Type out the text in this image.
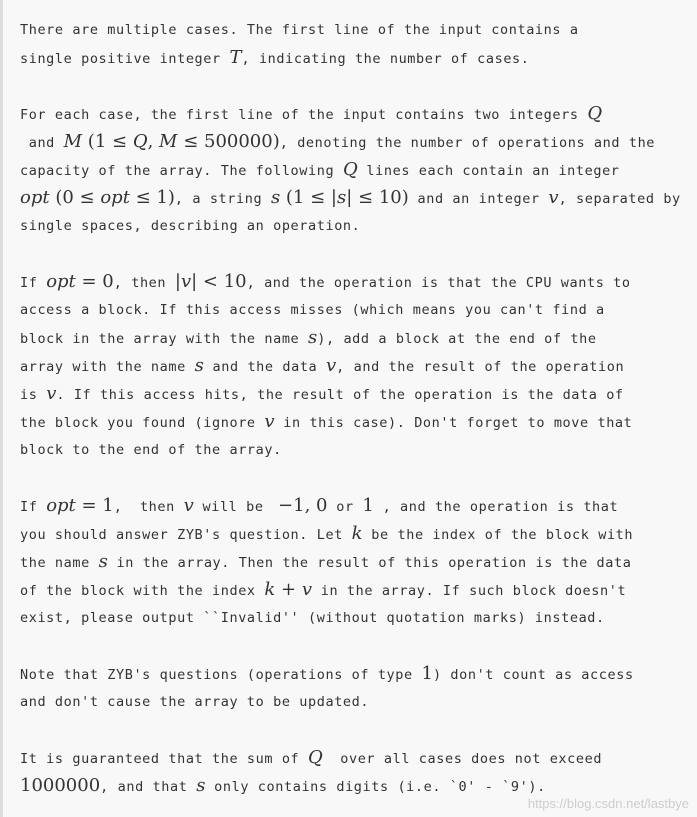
There are multiple cases. The first line of the input contains a
single positive integer T, indicating the number of cases.
For each case, the first line of the input contains two integers Q
and M (1 ≤ Q, M ≤ 500000), denoting the number of operations and the
capacity of the array. The following Q lines each contain an integer
opt (0 ≤ opt ≤ 1), a string s (1 ≤ |s| ≤ 10) and an integer v, separated by
single spaces, describing an operation.
If opt = 0, then |v| < 10, and the operation is that the CPU wants to
access a block. If this access misses (which means you can't find a
block in the array with the name s), add a block at the end of the
array with the name s and the data v, and the result of the operation
is v. If this access hits, the result of the operation is the data of
the block you found (ignore v in this case). Don't forget to move that
block to the end of the array.
If opt = 1,  then v will be  −1, 0 or 1 , and the operation is that
you should answer ZYB's question. Let k be the index of the block with
the name s in the array. Then the result of this operation is the data
of the block with the index k + v in the array. If such block doesn't
exist, please output ``Invalid'' (without quotation marks) instead.
Note that ZYB's questions (operations of type 1) don't count as access
and don't cause the array to be updated.
It is guaranteed that the sum of Q  over all cases does not exceed
1000000, and that s only contains digits (i.e. `0' - `9').
https://blog.csdn.net/lastbye
